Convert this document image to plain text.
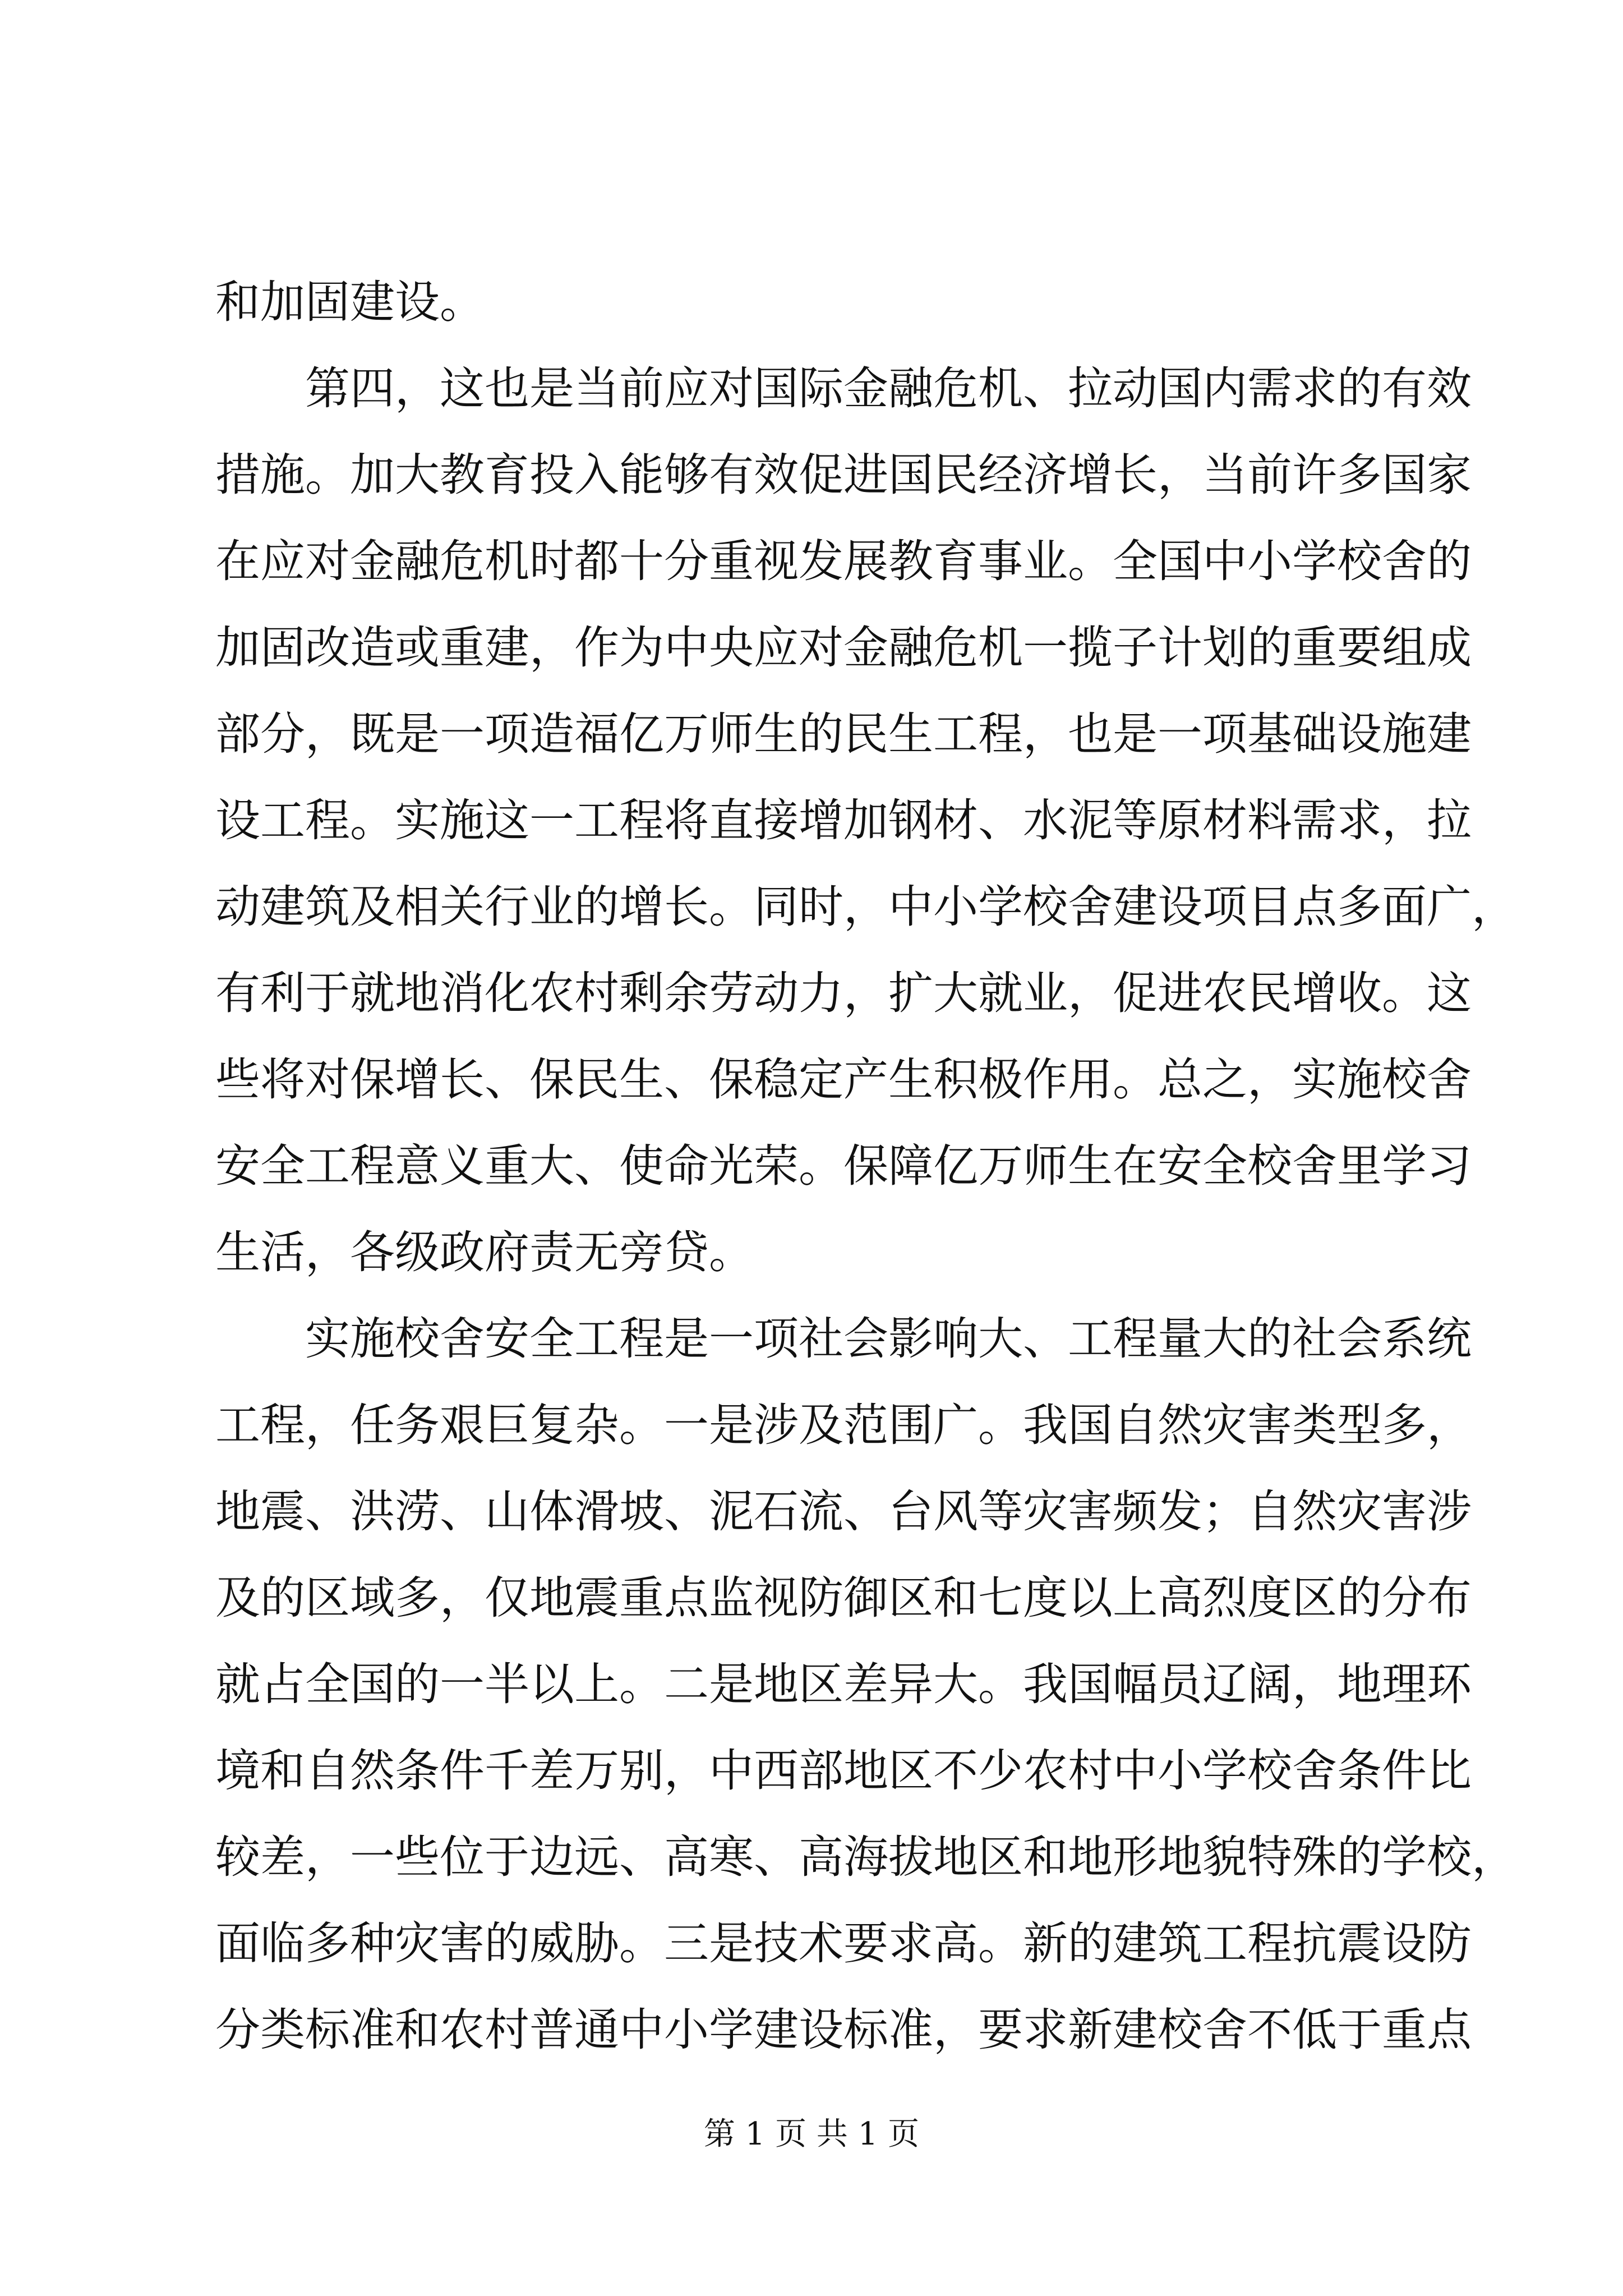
和加固建设。
第四，这也是当前应对国际金融危机、拉动国内需求的有效
措施。加大教育投入能够有效促进国民经济增长，当前许多国家
在应对金融危机时都十分重视发展教育事业。全国中小学校舍的
加固改造或重建，作为中央应对金融危机一揽子计划的重要组成
部分，既是一项造福亿万师生的民生工程，也是一项基础设施建
设工程。实施这一工程将直接增加钢材、水泥等原材料需求，拉
动建筑及相关行业的增长。同时，中小学校舍建设项目点多面广，
有利于就地消化农村剩余劳动力，扩大就业，促进农民增收。这
些将对保增长、保民生、保稳定产生积极作用。总之，实施校舍
安全工程意义重大、使命光荣。保障亿万师生在安全校舍里学习
生活，各级政府责无旁贷。
实施校舍安全工程是一项社会影响大、工程量大的社会系统
工程，任务艰巨复杂。一是涉及范围广。我国自然灾害类型多，
地震、洪涝、山体滑坡、泥石流、台风等灾害频发；自然灾害涉
及的区域多，仅地震重点监视防御区和七度以上高烈度区的分布
就占全国的一半以上。二是地区差异大。我国幅员辽阔，地理环
境和自然条件千差万别，中西部地区不少农村中小学校舍条件比
较差，一些位于边远、高寒、高海拔地区和地形地貌特殊的学校，
面临多种灾害的威胁。三是技术要求高。新的建筑工程抗震设防
分类标准和农村普通中小学建设标准，要求新建校舍不低于重点
第 1 页 共 1 页
